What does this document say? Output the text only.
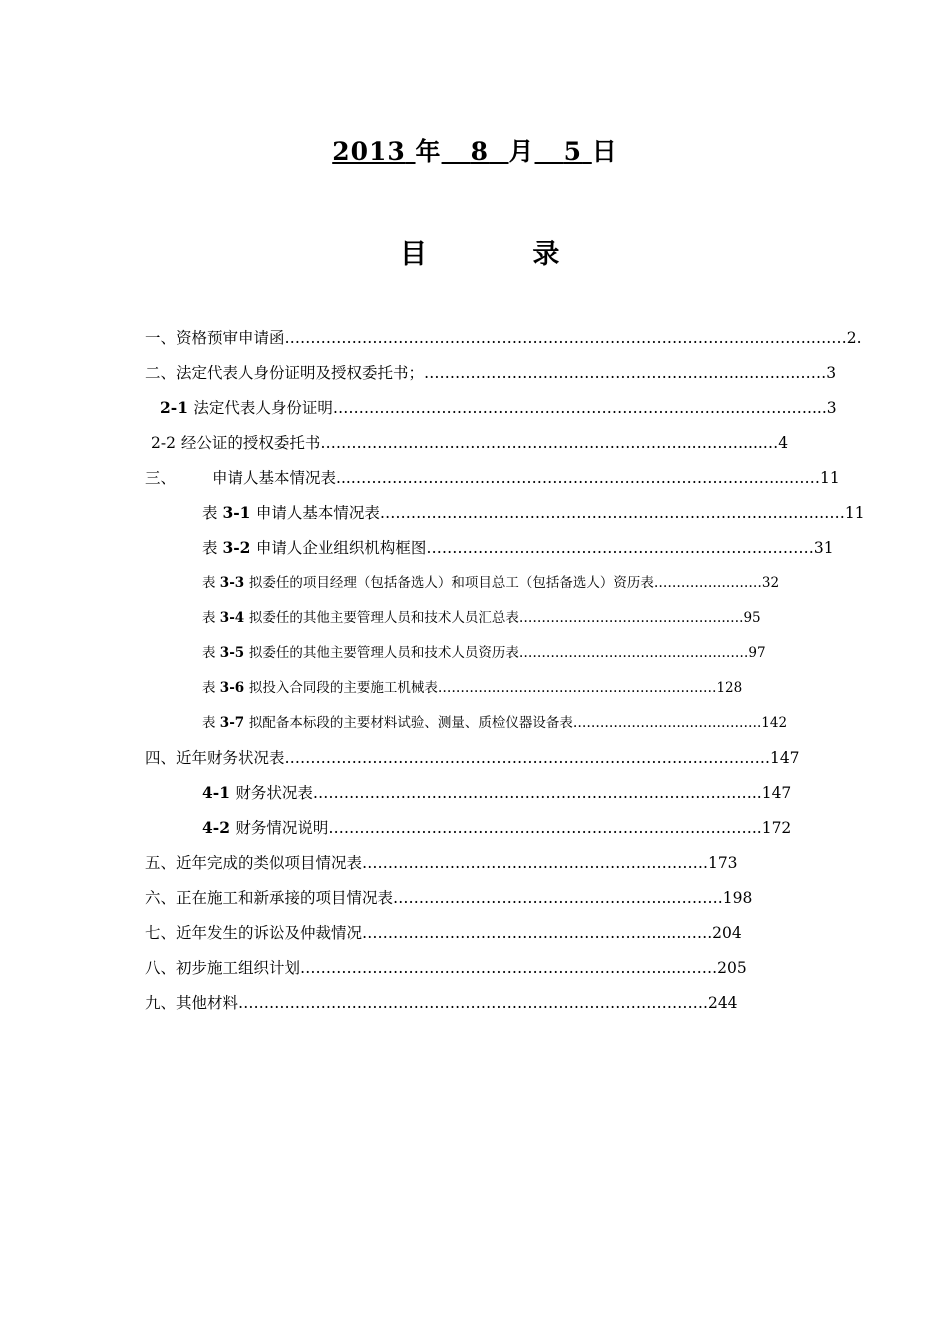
2013 年 8 月 5 日
目 录
一、资格预审申请函………………………………………………………………………………..……….….…2.
二、法定代表人身份证明及授权委托书；……………………………………………………..……….……3
2-1 法定代表人身份证明…………………………………………………………….……...……….…....3
2-2 经公证的授权委托书…………………………………………………….………...………....…4
三、 申请人基本情况表...…………………………………………………………………….…...……11
表 3-1 申请人基本情况表………………………………………………………………………………11
表 3-2 申请人企业组织机构框图…………………………………………………………………31
表 3-3 拟委任的项目经理（包括备选人）和项目总工（包括备选人）资历表……………………32
表 3-4 拟委任的其他主要管理人员和技术人员汇总表……………………………………….….95
表 3-5 拟委任的其他主要管理人员和技术人员资历表……………………………………………97
表 3-6 拟投入合同段的主要施工机械表…………..…………………………………………128
表 3-7 拟配备本标段的主要材料试验、测量、质检仪器设备表……………………..…………….142
四、近年财务状况表………………………………………………………………………………….147
4-1 财务状况表………………………………………………………………….………..147
4-2 财务情况说明……………………………………………………………….………..172
五、近年完成的类似项目情况表………………………………………………………….173
六、正在施工和新承接的项目情况表……………………………………………...……….198
七、近年发生的诉讼及仲裁情况…………………………………………………....…….204
八、初步施工组织计划…………………………………………………………….....…….205
九、其他材料……………………………………………………………………………….244
